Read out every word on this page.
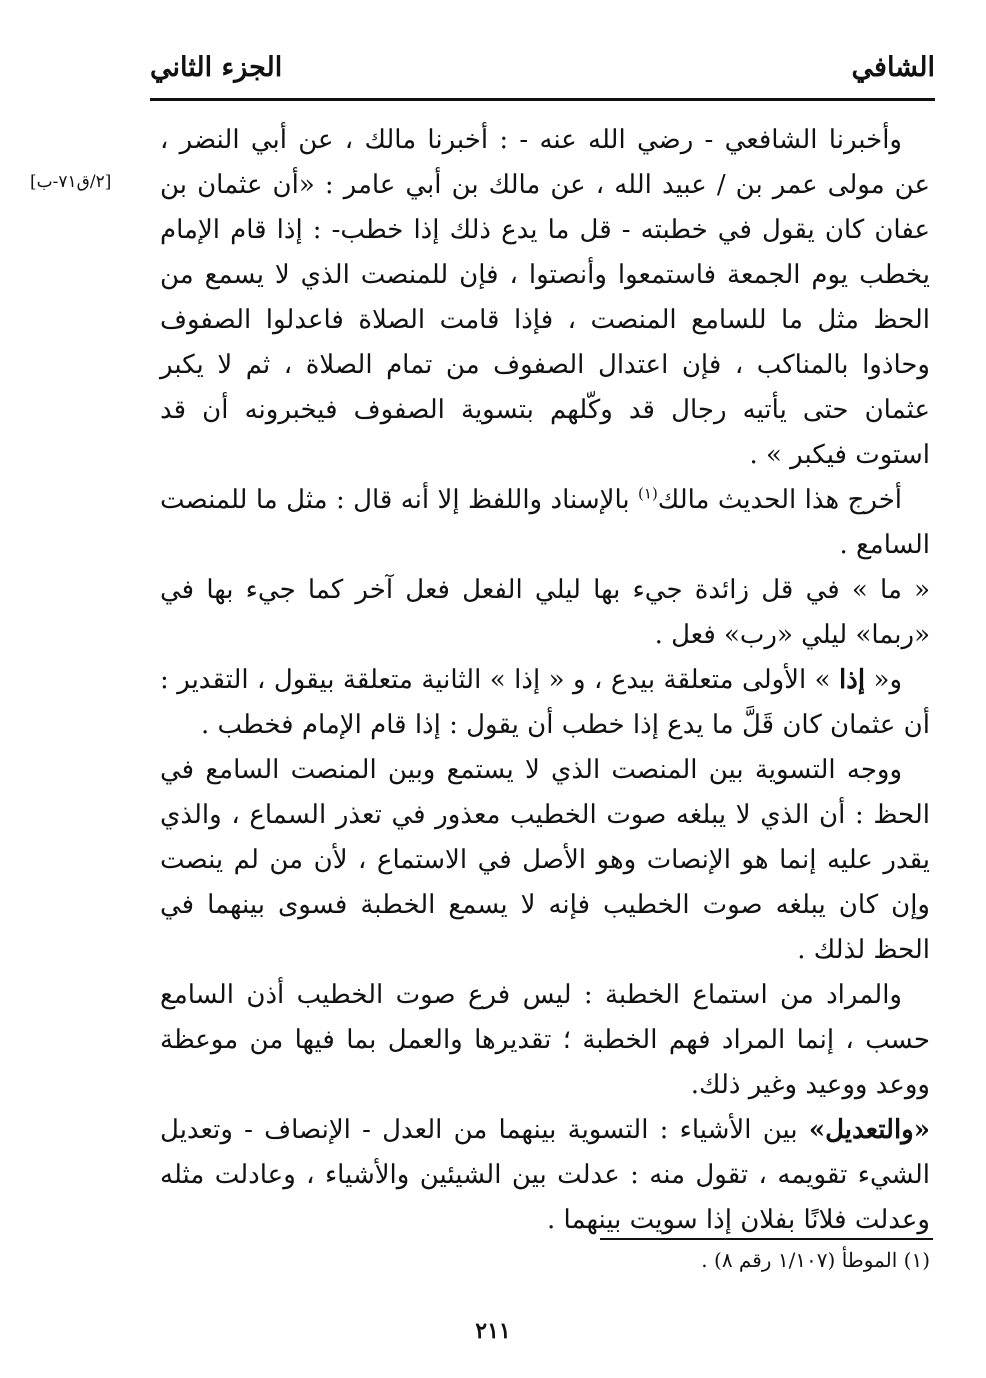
الشافي
الجزء الثاني
[٢/ق٧١-ب]

وأخبرنا الشافعي - رضي الله عنه - : أخبرنا مالك ، عن أبي النضر ، عن مولى عمر بن / عبيد الله ، عن مالك بن أبي عامر : «أن عثمان بن عفان كان يقول في خطبته - قل ما يدع ذلك إذا خطب- : إذا قام الإمام يخطب يوم الجمعة فاستمعوا وأنصتوا ، فإن للمنصت الذي لا يسمع من الحظ مثل ما للسامع المنصت ، فإذا قامت الصلاة فاعدلوا الصفوف وحاذوا بالمناكب ، فإن اعتدال الصفوف من تمام الصلاة ، ثم لا يكبر عثمان حتى يأتيه رجال قد وكّلهم بتسوية الصفوف فيخبرونه أن قد استوت فيكبر » .

أخرج هذا الحديث مالك$^{(١)}$ بالإسناد واللفظ إلا أنه قال : مثل ما للمنصت السامع .

« ما » في قل زائدة جيء بها ليلي الفعل فعل آخر كما جيء بها في «ربما» ليلي «رب» فعل .

و« إذا » الأولى متعلقة بيدع ، و « إذا » الثانية متعلقة بيقول ، التقدير : أن عثمان كان قَلَّ ما يدع إذا خطب أن يقول : إذا قام الإمام فخطب .

ووجه التسوية بين المنصت الذي لا يستمع وبين المنصت السامع في الحظ : أن الذي لا يبلغه صوت الخطيب معذور في تعذر السماع ، والذي يقدر عليه إنما هو الإنصات وهو الأصل في الاستماع ، لأن من لم ينصت وإن كان يبلغه صوت الخطيب فإنه لا يسمع الخطبة فسوى بينهما في الحظ لذلك .

والمراد من استماع الخطبة : ليس فرع صوت الخطيب أذن السامع حسب ، إنما المراد فهم الخطبة ؛ تقديرها والعمل بما فيها من موعظة ووعد ووعيد وغير ذلك.

«والتعديل» بين الأشياء : التسوية بينهما من العدل - الإنصاف - وتعديل الشيء تقويمه ، تقول منه : عدلت بين الشيئين والأشياء ، وعادلت مثله وعدلت فلانًا بفلان إذا سويت بينهما .

(١) الموطأ (١/١٠٧ رقم ٨) .
٢١١
